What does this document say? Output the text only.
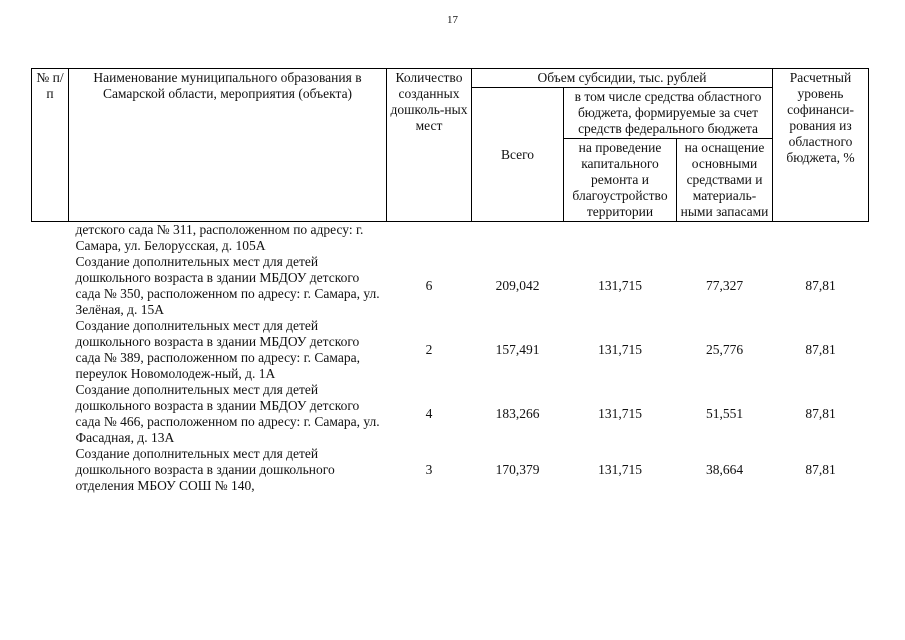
17
№ п/п	Наименование муниципального образования в Самарской области, мероприятия (объекта)	Количество созданных дошколь-ных мест	Объем субсидии, тыс. рублей			Расчетный уровень софинанси-рования из областного бюджета, %
			Всего	в том числе средства областного бюджета, формируемые за счет средств федерального бюджета		
				на проведение капитального ремонта и благоустройство территории	на оснащение основными средствами и материаль-ными запасами	
	детского сада № 311, расположенном по адресу: г. Самара, ул. Белорусская, д. 105А					
	Создание дополнительных мест для детей дошкольного возраста в здании МБДОУ детского сада № 350, расположенном по адресу: г. Самара, ул. Зелёная, д. 15А	6	209,042	131,715	77,327	87,81
	Создание дополнительных мест для детей дошкольного возраста в здании МБДОУ детского сада № 389, расположенном по адресу: г. Самара, переулок Новомолодеж-ный, д. 1А	2	157,491	131,715	25,776	87,81
	Создание дополнительных мест для детей дошкольного возраста в здании МБДОУ детского сада № 466, расположенном по адресу: г. Самара, ул. Фасадная, д. 13А	4	183,266	131,715	51,551	87,81
	Создание дополнительных мест для детей дошкольного возраста в здании дошкольного отделения МБОУ СОШ № 140,	3	170,379	131,715	38,664	87,81
